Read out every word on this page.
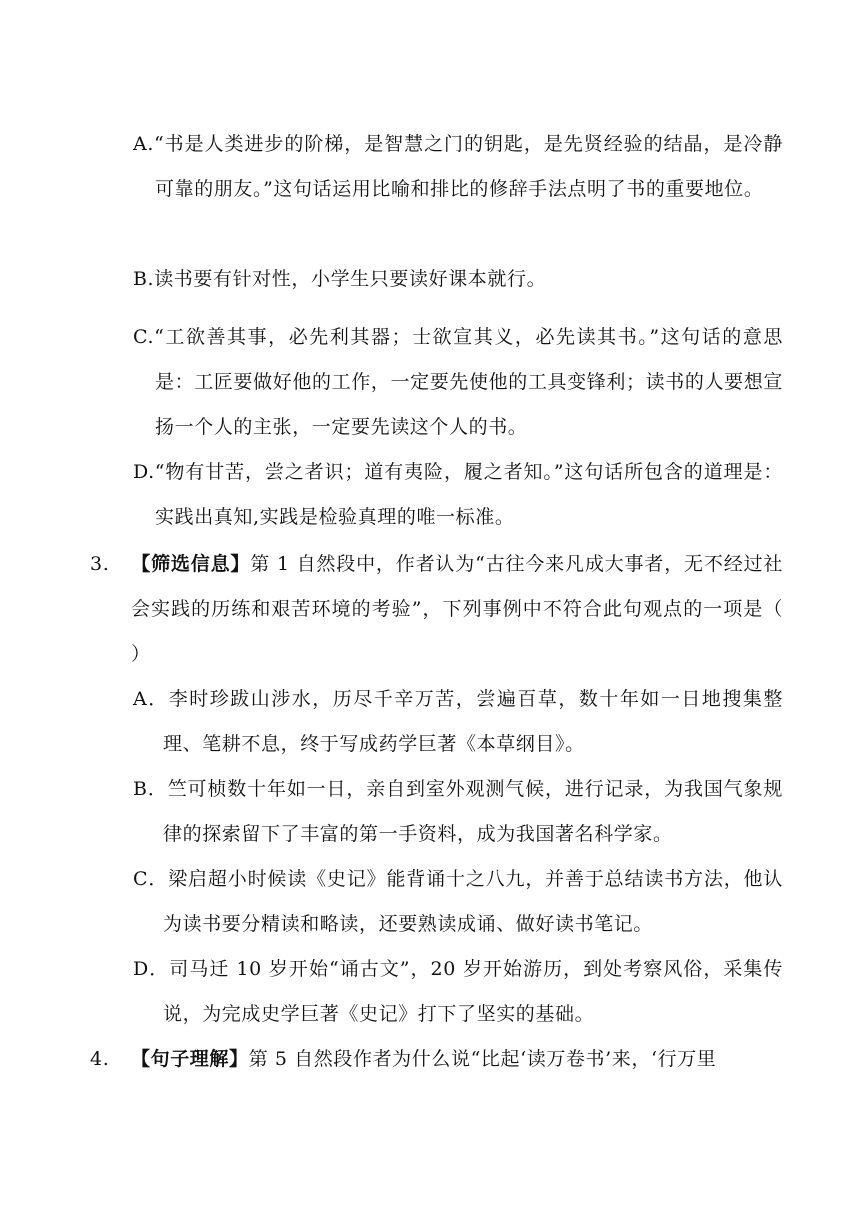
A.“书是人类进步的阶梯，是智慧之门的钥匙，是先贤经验的结晶，是冷静可靠的朋友。”这句话运用比喻和排比的修辞手法点明了书的重要地位。

B.读书要有针对性，小学生只要读好课本就行。

C.“工欲善其事，必先利其器；士欲宣其义，必先读其书。”这句话的意思是：工匠要做好他的工作，一定要先使他的工具变锋利；读书的人要想宣扬一个人的主张，一定要先读这个人的书。

D.“物有甘苦，尝之者识；道有夷险，履之者知。”这句话所包含的道理是：实践出真知,实践是检验真理的唯一标准。

3. 【筛选信息】第 1 自然段中，作者认为“古往今来凡成大事者，无不经过社会实践的历练和艰苦环境的考验”，下列事例中不符合此句观点的一项是（ ）

A．李时珍跋山涉水，历尽千辛万苦，尝遍百草，数十年如一日地搜集整理、笔耕不息，终于写成药学巨著《本草纲目》。

B．竺可桢数十年如一日，亲自到室外观测气候，进行记录，为我国气象规律的探索留下了丰富的第一手资料，成为我国著名科学家。

C．梁启超小时候读《史记》能背诵十之八九，并善于总结读书方法，他认为读书要分精读和略读，还要熟读成诵、做好读书笔记。

D．司马迁 10 岁开始“诵古文”，20 岁开始游历，到处考察风俗，采集传说，为完成史学巨著《史记》打下了坚实的基础。

4. 【句子理解】第 5 自然段作者为什么说“比起‘读万卷书’来，‘行万里
